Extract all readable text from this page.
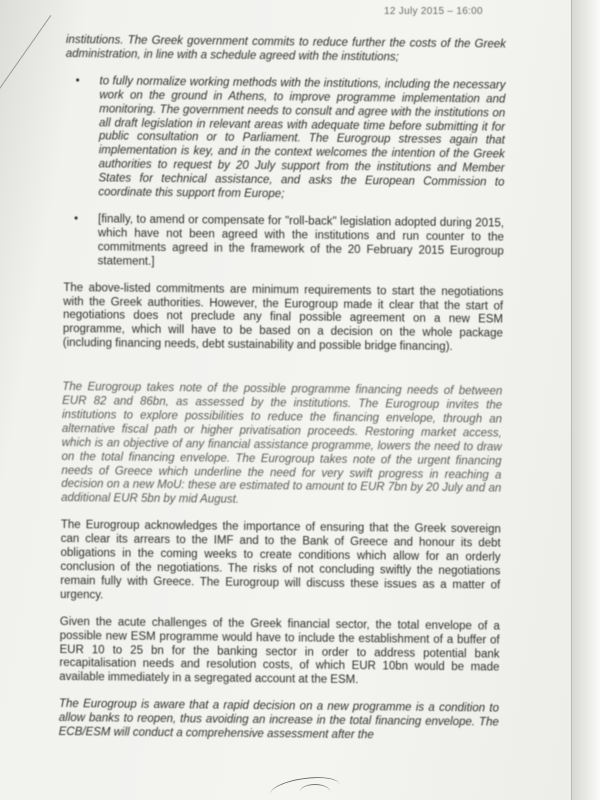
12 July 2015 – 16:00

institutions. The Greek government commits to reduce further the costs of the Greek administration, in line with a schedule agreed with the institutions;

• to fully normalize working methods with the institutions, including the necessary work on the ground in Athens, to improve programme implementation and monitoring. The government needs to consult and agree with the institutions on all draft legislation in relevant areas with adequate time before submitting it for public consultation or to Parliament. The Eurogroup stresses again that implementation is key, and in the context welcomes the intention of the Greek authorities to request by 20 July support from the institutions and Member States for technical assistance, and asks the European Commission to coordinate this support from Europe;
• [finally, to amend or compensate for "roll-back" legislation adopted during 2015, which have not been agreed with the institutions and run counter to the commitments agreed in the framework of the 20 February 2015 Eurogroup statement.]

The above-listed commitments are minimum requirements to start the negotiations with the Greek authorities. However, the Eurogroup made it clear that the start of negotiations does not preclude any final possible agreement on a new ESM programme, which will have to be based on a decision on the whole package (including financing needs, debt sustainability and possible bridge financing).

The Eurogroup takes note of the possible programme financing needs of between EUR 82 and 86bn, as assessed by the institutions. The Eurogroup invites the institutions to explore possibilities to reduce the financing envelope, through an alternative fiscal path or higher privatisation proceeds. Restoring market access, which is an objective of any financial assistance programme, lowers the need to draw on the total financing envelope. The Eurogroup takes note of the urgent financing needs of Greece which underline the need for very swift progress in reaching a decision on a new MoU: these are estimated to amount to EUR 7bn by 20 July and an additional EUR 5bn by mid August.

The Eurogroup acknowledges the importance of ensuring that the Greek sovereign can clear its arrears to the IMF and to the Bank of Greece and honour its debt obligations in the coming weeks to create conditions which allow for an orderly conclusion of the negotiations. The risks of not concluding swiftly the negotiations remain fully with Greece. The Eurogroup will discuss these issues as a matter of urgency.

Given the acute challenges of the Greek financial sector, the total envelope of a possible new ESM programme would have to include the establishment of a buffer of EUR 10 to 25 bn for the banking sector in order to address potential bank recapitalisation needs and resolution costs, of which EUR 10bn would be made available immediately in a segregated account at the ESM.

The Eurogroup is aware that a rapid decision on a new programme is a condition to allow banks to reopen, thus avoiding an increase in the total financing envelope. The ECB/ESM will conduct a comprehensive assessment after the
